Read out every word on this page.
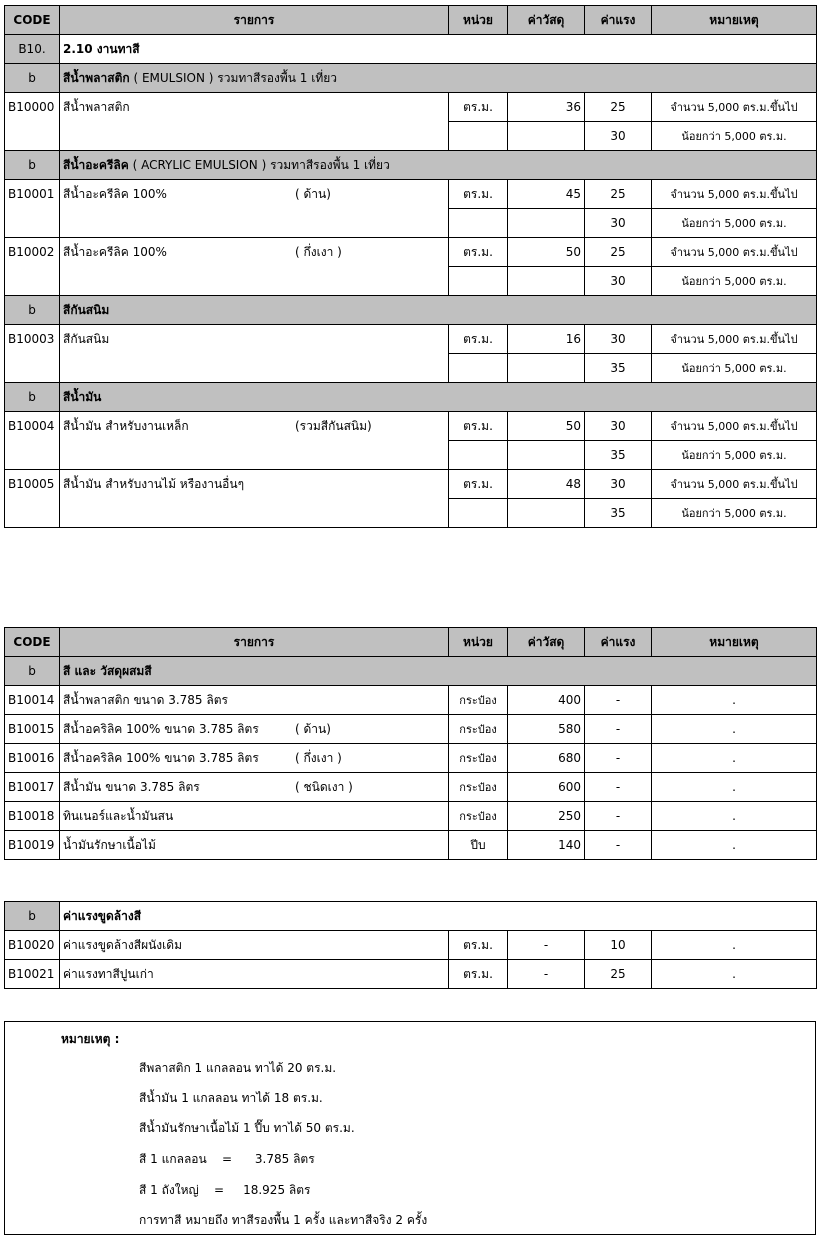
CODE	รายการ	หน่วย	ค่าวัสดุ	ค่าแรง	หมายเหตุ
B10.	2.10 งานทาสี				
b	สีน้ำพลาสติก ( EMULSION ) รวมทาสีรองพื้น 1 เที่ยว				
B10000	สีน้ำพลาสติก	ตร.ม.	36	25	จำนวน 5,000 ตร.ม.ขึ้นไป
				30	น้อยกว่า 5,000 ตร.ม.
b	สีน้ำอะครีลิค ( ACRYLIC EMULSION ) รวมทาสีรองพื้น 1 เที่ยว				
B10001	สีน้ำอะครีลิค 100% ( ด้าน)	ตร.ม.	45	25	จำนวน 5,000 ตร.ม.ขึ้นไป
				30	น้อยกว่า 5,000 ตร.ม.
B10002	สีน้ำอะครีลิค 100% ( กึ่งเงา )	ตร.ม.	50	25	จำนวน 5,000 ตร.ม.ขึ้นไป
				30	น้อยกว่า 5,000 ตร.ม.
b	สีกันสนิม				
B10003	สีกันสนิม	ตร.ม.	16	30	จำนวน 5,000 ตร.ม.ขึ้นไป
				35	น้อยกว่า 5,000 ตร.ม.
b	สีน้ำมัน				
B10004	สีน้ำมัน สำหรับงานเหล็ก (รวมสีกันสนิม)	ตร.ม.	50	30	จำนวน 5,000 ตร.ม.ขึ้นไป
				35	น้อยกว่า 5,000 ตร.ม.
B10005	สีน้ำมัน สำหรับงานไม้ หรืองานอื่นๆ	ตร.ม.	48	30	จำนวน 5,000 ตร.ม.ขึ้นไป
				35	น้อยกว่า 5,000 ตร.ม.
CODE	รายการ	หน่วย	ค่าวัสดุ	ค่าแรง	หมายเหตุ
b	สี และ วัสดุผสมสี				
B10014	สีน้ำพลาสติก ขนาด 3.785 ลิตร	กระป๋อง	400	-	.
B10015	สีน้ำอคริลิค 100% ขนาด 3.785 ลิตร ( ด้าน)	กระป๋อง	580	-	.
B10016	สีน้ำอคริลิค 100% ขนาด 3.785 ลิตร ( กึ่งเงา )	กระป๋อง	680	-	.
B10017	สีน้ำมัน ขนาด 3.785 ลิตร ( ชนิดเงา )	กระป๋อง	600	-	.
B10018	ทินเนอร์และน้ำมันสน	กระป๋อง	250	-	.
B10019	น้ำมันรักษาเนื้อไม้	ปีบ	140	-	.
b	ค่าแรงขูดล้างสี				
B10020	ค่าแรงขูดล้างสีผนังเดิม	ตร.ม.	-	10	.
B10021	ค่าแรงทาสีปูนเก่า	ตร.ม.	-	25	.
หมายเหตุ :
สีพลาสติก 1 แกลลอน ทาได้ 20 ตร.ม.
สีน้ำมัน 1 แกลลอน ทาได้ 18 ตร.ม.
สีน้ำมันรักษาเนื้อไม้ 1 ปี๊บ ทาได้ 50 ตร.ม.
สี 1 แกลลอน    =      3.785 ลิตร
สี 1 ถังใหญ่    =     18.925 ลิตร
การทาสี หมายถึง ทาสีรองพื้น 1 ครั้ง และทาสีจริง 2 ครั้ง
